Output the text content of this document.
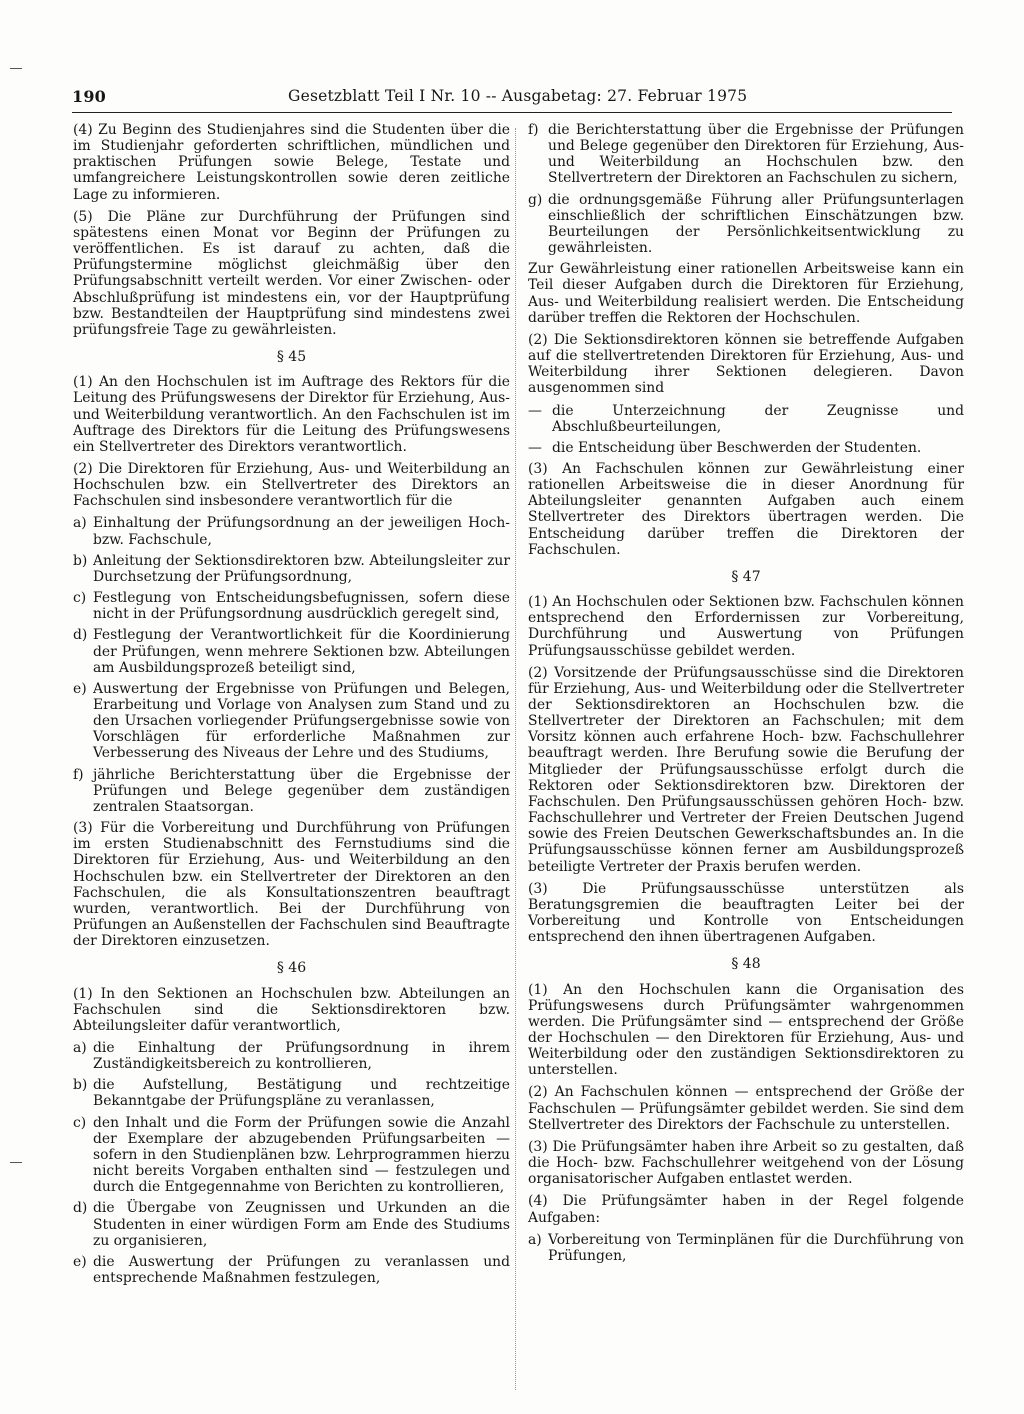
190	Gesetzblatt Teil I Nr. 10 -- Ausgabetag: 27. Februar 1975

(4) Zu Beginn des Studienjahres sind die Studenten über die im Studienjahr geforderten schriftlichen, mündlichen und praktischen Prüfungen sowie Belege, Testate und umfangreichere Leistungskontrollen sowie deren zeitliche Lage zu informieren.

(5) Die Pläne zur Durchführung der Prüfungen sind spätestens einen Monat vor Beginn der Prüfungen zu veröffentlichen. Es ist darauf zu achten, daß die Prüfungstermine möglichst gleichmäßig über den Prüfungsabschnitt verteilt werden. Vor einer Zwischen- oder Abschlußprüfung ist mindestens ein, vor der Hauptprüfung bzw. Bestandteilen der Hauptprüfung sind mindestens zwei prüfungsfreie Tage zu gewährleisten.

§ 45

(1) An den Hochschulen ist im Auftrage des Rektors für die Leitung des Prüfungswesens der Direktor für Erziehung, Aus- und Weiterbildung verantwortlich. An den Fachschulen ist im Auftrage des Direktors für die Leitung des Prüfungswesens ein Stellvertreter des Direktors verantwortlich.

(2) Die Direktoren für Erziehung, Aus- und Weiterbildung an Hochschulen bzw. ein Stellvertreter des Direktors an Fachschulen sind insbesondere verantwortlich für die

a) Einhaltung der Prüfungsordnung an der jeweiligen Hoch- bzw. Fachschule,
b) Anleitung der Sektionsdirektoren bzw. Abteilungsleiter zur Durchsetzung der Prüfungsordnung,
c) Festlegung von Entscheidungsbefugnissen, sofern diese nicht in der Prüfungsordnung ausdrücklich geregelt sind,
d) Festlegung der Verantwortlichkeit für die Koordinierung der Prüfungen, wenn mehrere Sektionen bzw. Abteilungen am Ausbildungsprozeß beteiligt sind,
e) Auswertung der Ergebnisse von Prüfungen und Belegen, Erarbeitung und Vorlage von Analysen zum Stand und zu den Ursachen vorliegender Prüfungsergebnisse sowie von Vorschlägen für erforderliche Maßnahmen zur Verbesserung des Niveaus der Lehre und des Studiums,
f) jährliche Berichterstattung über die Ergebnisse der Prüfungen und Belege gegenüber dem zuständigen zentralen Staatsorgan.

(3) Für die Vorbereitung und Durchführung von Prüfungen im ersten Studienabschnitt des Fernstudiums sind die Direktoren für Erziehung, Aus- und Weiterbildung an den Hochschulen bzw. ein Stellvertreter der Direktoren an den Fachschulen, die als Konsultationszentren beauftragt wurden, verantwortlich. Bei der Durchführung von Prüfungen an Außenstellen der Fachschulen sind Beauftragte der Direktoren einzusetzen.

§ 46

(1) In den Sektionen an Hochschulen bzw. Abteilungen an Fachschulen sind die Sektionsdirektoren bzw. Abteilungsleiter dafür verantwortlich,

a) die Einhaltung der Prüfungsordnung in ihrem Zuständigkeitsbereich zu kontrollieren,
b) die Aufstellung, Bestätigung und rechtzeitige Bekanntgabe der Prüfungspläne zu veranlassen,
c) den Inhalt und die Form der Prüfungen sowie die Anzahl der Exemplare der abzugebenden Prüfungsarbeiten — sofern in den Studienplänen bzw. Lehrprogrammen hierzu nicht bereits Vorgaben enthalten sind — festzulegen und durch die Entgegennahme von Berichten zu kontrollieren,
d) die Übergabe von Zeugnissen und Urkunden an die Studenten in einer würdigen Form am Ende des Studiums zu organisieren,
e) die Auswertung der Prüfungen zu veranlassen und entsprechende Maßnahmen festzulegen,
f) die Berichterstattung über die Ergebnisse der Prüfungen und Belege gegenüber den Direktoren für Erziehung, Aus- und Weiterbildung an Hochschulen bzw. den Stellvertretern der Direktoren an Fachschulen zu sichern,
g) die ordnungsgemäße Führung aller Prüfungsunterlagen einschließlich der schriftlichen Einschätzungen bzw. Beurteilungen der Persönlichkeitsentwicklung zu gewährleisten.

Zur Gewährleistung einer rationellen Arbeitsweise kann ein Teil dieser Aufgaben durch die Direktoren für Erziehung, Aus- und Weiterbildung realisiert werden. Die Entscheidung darüber treffen die Rektoren der Hochschulen.

(2) Die Sektionsdirektoren können sie betreffende Aufgaben auf die stellvertretenden Direktoren für Erziehung, Aus- und Weiterbildung ihrer Sektionen delegieren. Davon ausgenommen sind

— die Unterzeichnung der Zeugnisse und Abschlußbeurteilungen,
— die Entscheidung über Beschwerden der Studenten.

(3) An Fachschulen können zur Gewährleistung einer rationellen Arbeitsweise die in dieser Anordnung für Abteilungsleiter genannten Aufgaben auch einem Stellvertreter des Direktors übertragen werden. Die Entscheidung darüber treffen die Direktoren der Fachschulen.

§ 47

(1) An Hochschulen oder Sektionen bzw. Fachschulen können entsprechend den Erfordernissen zur Vorbereitung, Durchführung und Auswertung von Prüfungen Prüfungsausschüsse gebildet werden.

(2) Vorsitzende der Prüfungsausschüsse sind die Direktoren für Erziehung, Aus- und Weiterbildung oder die Stellvertreter der Sektionsdirektoren an Hochschulen bzw. die Stellvertreter der Direktoren an Fachschulen; mit dem Vorsitz können auch erfahrene Hoch- bzw. Fachschullehrer beauftragt werden. Ihre Berufung sowie die Berufung der Mitglieder der Prüfungsausschüsse erfolgt durch die Rektoren oder Sektionsdirektoren bzw. Direktoren der Fachschulen. Den Prüfungsausschüssen gehören Hoch- bzw. Fachschullehrer und Vertreter der Freien Deutschen Jugend sowie des Freien Deutschen Gewerkschaftsbundes an. In die Prüfungsausschüsse können ferner am Ausbildungsprozeß beteiligte Vertreter der Praxis berufen werden.

(3) Die Prüfungsausschüsse unterstützen als Beratungsgremien die beauftragten Leiter bei der Vorbereitung und Kontrolle von Entscheidungen entsprechend den ihnen übertragenen Aufgaben.

§ 48

(1) An den Hochschulen kann die Organisation des Prüfungswesens durch Prüfungsämter wahrgenommen werden. Die Prüfungsämter sind — entsprechend der Größe der Hochschulen — den Direktoren für Erziehung, Aus- und Weiterbildung oder den zuständigen Sektionsdirektoren zu unterstellen.

(2) An Fachschulen können — entsprechend der Größe der Fachschulen — Prüfungsämter gebildet werden. Sie sind dem Stellvertreter des Direktors der Fachschule zu unterstellen.

(3) Die Prüfungsämter haben ihre Arbeit so zu gestalten, daß die Hoch- bzw. Fachschullehrer weitgehend von der Lösung organisatorischer Aufgaben entlastet werden.

(4) Die Prüfungsämter haben in der Regel folgende Aufgaben:

a) Vorbereitung von Terminplänen für die Durchführung von Prüfungen,
